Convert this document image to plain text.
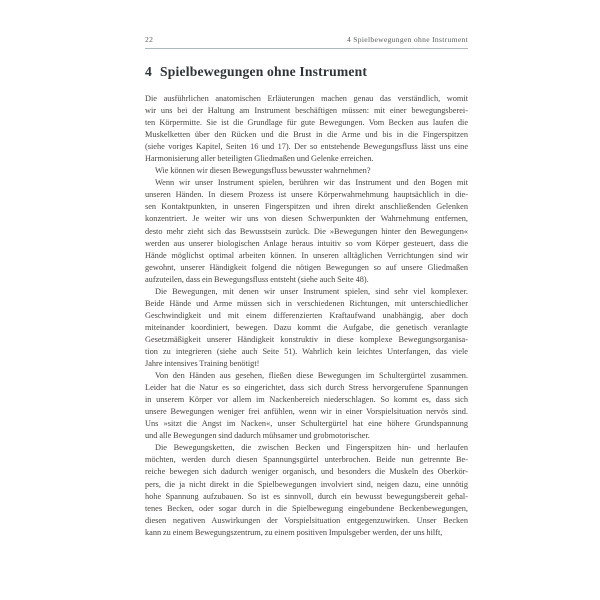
22	4 Spielbewegungen ohne Instrument
4 Spielbewegungen ohne Instrument
Die ausführlichen anatomischen Erläuterungen machen genau das verständlich, womit
wir uns bei der Haltung am Instrument beschäftigen müssen: mit einer bewegungsberei-
ten Körpermitte. Sie ist die Grundlage für gute Bewegungen. Vom Becken aus laufen die
Muskelketten über den Rücken und die Brust in die Arme und bis in die Fingerspitzen
(siehe voriges Kapitel, Seiten 16 und 17). Der so entstehende Bewegungsfluss lässt uns eine
Harmonisierung aller beteiligten Gliedmaßen und Gelenke erreichen.
Wie können wir diesen Bewegungsfluss bewusster wahrnehmen?
Wenn wir unser Instrument spielen, berühren wir das Instrument und den Bogen mit
unseren Händen. In diesem Prozess ist unsere Körperwahrnehmung hauptsächlich in die-
sen Kontaktpunkten, in unseren Fingerspitzen und ihren direkt anschließenden Gelenken
konzentriert. Je weiter wir uns von diesen Schwerpunkten der Wahrnehmung entfernen,
desto mehr zieht sich das Bewusstsein zurück. Die »Bewegungen hinter den Bewegungen«
werden aus unserer biologischen Anlage heraus intuitiv so vom Körper gesteuert, dass die
Hände möglichst optimal arbeiten können. In unseren alltäglichen Verrichtungen sind wir
gewohnt, unserer Händigkeit folgend die nötigen Bewegungen so auf unsere Gliedmaßen
aufzuteilen, dass ein Bewegungsfluss entsteht (siehe auch Seite 48).
Die Bewegungen, mit denen wir unser Instrument spielen, sind sehr viel komplexer.
Beide Hände und Arme müssen sich in verschiedenen Richtungen, mit unterschiedlicher
Geschwindigkeit und mit einem differenzierten Kraftaufwand unabhängig, aber doch
miteinander koordiniert, bewegen. Dazu kommt die Aufgabe, die genetisch veranlagte
Gesetzmäßigkeit unserer Händigkeit konstruktiv in diese komplexe Bewegungsorganisa-
tion zu integrieren (siehe auch Seite 51). Wahrlich kein leichtes Unterfangen, das viele
Jahre intensives Training benötigt!
Von den Händen aus gesehen, fließen diese Bewegungen im Schultergürtel zusammen.
Leider hat die Natur es so eingerichtet, dass sich durch Stress hervorgerufene Spannungen
in unserem Körper vor allem im Nackenbereich niederschlagen. So kommt es, dass sich
unsere Bewegungen weniger frei anfühlen, wenn wir in einer Vorspielsituation nervös sind.
Uns »sitzt die Angst im Nacken«, unser Schultergürtel hat eine höhere Grundspannung
und alle Bewegungen sind dadurch mühsamer und grobmotorischer.
Die Bewegungsketten, die zwischen Becken und Fingerspitzen hin- und herlaufen
möchten, werden durch diesen Spannungsgürtel unterbrochen. Beide nun getrennte Be-
reiche bewegen sich dadurch weniger organisch, und besonders die Muskeln des Oberkör-
pers, die ja nicht direkt in die Spielbewegungen involviert sind, neigen dazu, eine unnötig
hohe Spannung aufzubauen. So ist es sinnvoll, durch ein bewusst bewegungsbereit gehal-
tenes Becken, oder sogar durch in die Spielbewegung eingebundene Beckenbewegungen,
diesen negativen Auswirkungen der Vorspielsituation entgegenzuwirken. Unser Becken
kann zu einem Bewegungszentrum, zu einem positiven Impulsgeber werden, der uns hilft,
